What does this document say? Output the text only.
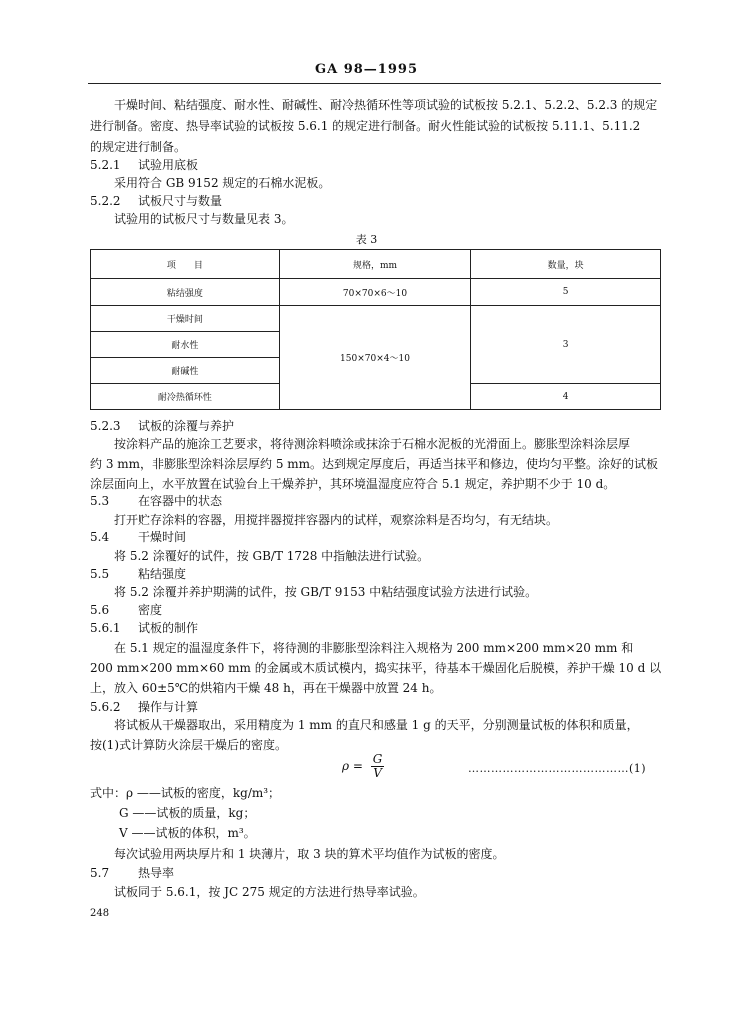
GA 98—1995
干燥时间、粘结强度、耐水性、耐碱性、耐冷热循环性等项试验的试板按 5.2.1、5.2.2、5.2.3 的规定
进行制备。密度、热导率试验的试板按 5.6.1 的规定进行制备。耐火性能试验的试板按 5.11.1、5.11.2
的规定进行制备。
5.2.1 试验用底板
采用符合 GB 9152 规定的石棉水泥板。
5.2.2 试板尺寸与数量
试验用的试板尺寸与数量见表 3。
表 3
项　　目	规格，mm	数量，块
粘结强度	70×70×6～10	5
干燥时间	150×70×4～10	3
耐水性		
耐碱性		
耐冷热循环性		4
5.2.3 试板的涂覆与养护
按涂料产品的施涂工艺要求，将待测涂料喷涂或抹涂于石棉水泥板的光滑面上。膨胀型涂料涂层厚
约 3 mm，非膨胀型涂料涂层厚约 5 mm。达到规定厚度后，再适当抹平和修边，使均匀平整。涂好的试板
涂层面向上，水平放置在试验台上干燥养护，其环境温湿度应符合 5.1 规定，养护期不少于 10 d。
5.3 在容器中的状态
打开贮存涂料的容器，用搅拌器搅拌容器内的试样，观察涂料是否均匀，有无结块。
5.4 干燥时间
将 5.2 涂覆好的试件，按 GB/T 1728 中指触法进行试验。
5.5 粘结强度
将 5.2 涂覆并养护期满的试件，按 GB/T 9153 中粘结强度试验方法进行试验。
5.6 密度
5.6.1 试板的制作
在 5.1 规定的温湿度条件下，将待测的非膨胀型涂料注入规格为 200 mm×200 mm×20 mm 和
200 mm×200 mm×60 mm 的金属或木质试模内，捣实抹平，待基本干燥固化后脱模，养护干燥 10 d 以
上，放入 60±5℃的烘箱内干燥 48 h，再在干燥器中放置 24 h。
5.6.2 操作与计算
将试板从干燥器取出，采用精度为 1 mm 的直尺和感量 1 g 的天平，分别测量试板的体积和质量，
按(1)式计算防火涂层干燥后的密度。
$\rho = \frac{G}{V}$	……………………………………(1)
式中：ρ ——试板的密度，kg/m³；
G ——试板的质量，kg；
V ——试板的体积，m³。
每次试验用两块厚片和 1 块薄片，取 3 块的算术平均值作为试板的密度。
5.7 热导率
试板同于 5.6.1，按 JC 275 规定的方法进行热导率试验。
248
